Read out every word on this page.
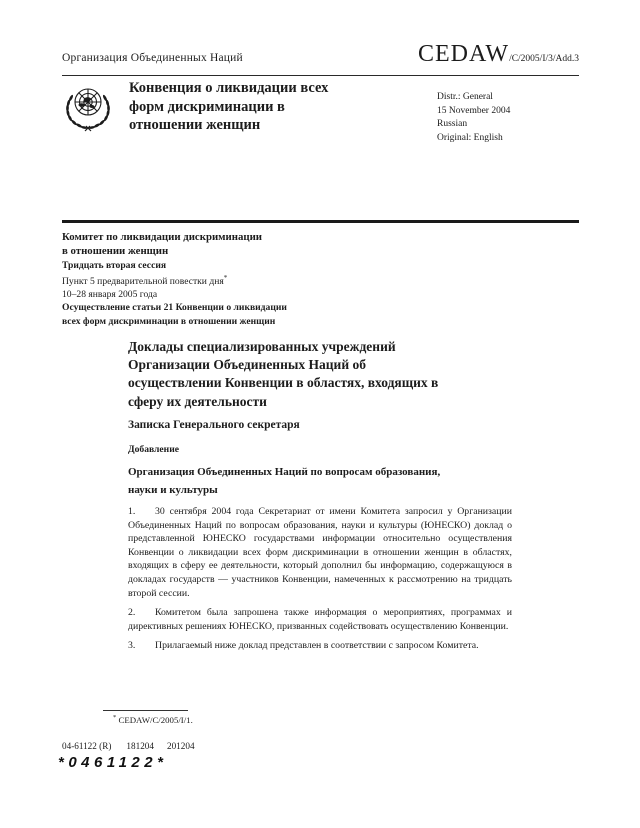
Организация Объединенных Наций	CEDAW/C/2005/I/3/Add.3
Конвенция о ликвидации всех форм дискриминации в отношении женщин
Distr.: General
15 November 2004
Russian
Original: English
Комитет по ликвидации дискриминации
в отношении женщин
Тридцать вторая сессия
Пункт 5 предварительной повестки дня*
10–28 января 2005 года
Осуществление статьи 21 Конвенции о ликвидации
всех форм дискриминации в отношении женщин
Доклады специализированных учреждений Организации Объединенных Наций об осуществлении Конвенции в областях, входящих в сферу их деятельности
Записка Генерального секретаря
Добавление
Организация Объединенных Наций по вопросам образования, науки и культуры

1. 30 сентября 2004 года Секретариат от имени Комитета запросил у Организации Объединенных Наций по вопросам образования, науки и культуры (ЮНЕСКО) доклад о представленной ЮНЕСКО государствами информации относительно осуществления Конвенции о ликвидации всех форм дискриминации в отношении женщин в областях, входящих в сферу ее деятельности, который дополнил бы информацию, содержащуюся в докладах государств — участников Конвенции, намеченных к рассмотрению на тридцать второй сессии.

2. Комитетом была запрошена также информация о мероприятиях, программах и директивных решениях ЮНЕСКО, призванных содействовать осуществлению Конвенции.

3. Прилагаемый ниже доклад представлен в соответствии с запросом Комитета.

* CEDAW/C/2005/I/1.
04-61122 (R) 181204 201204
*0461122*
